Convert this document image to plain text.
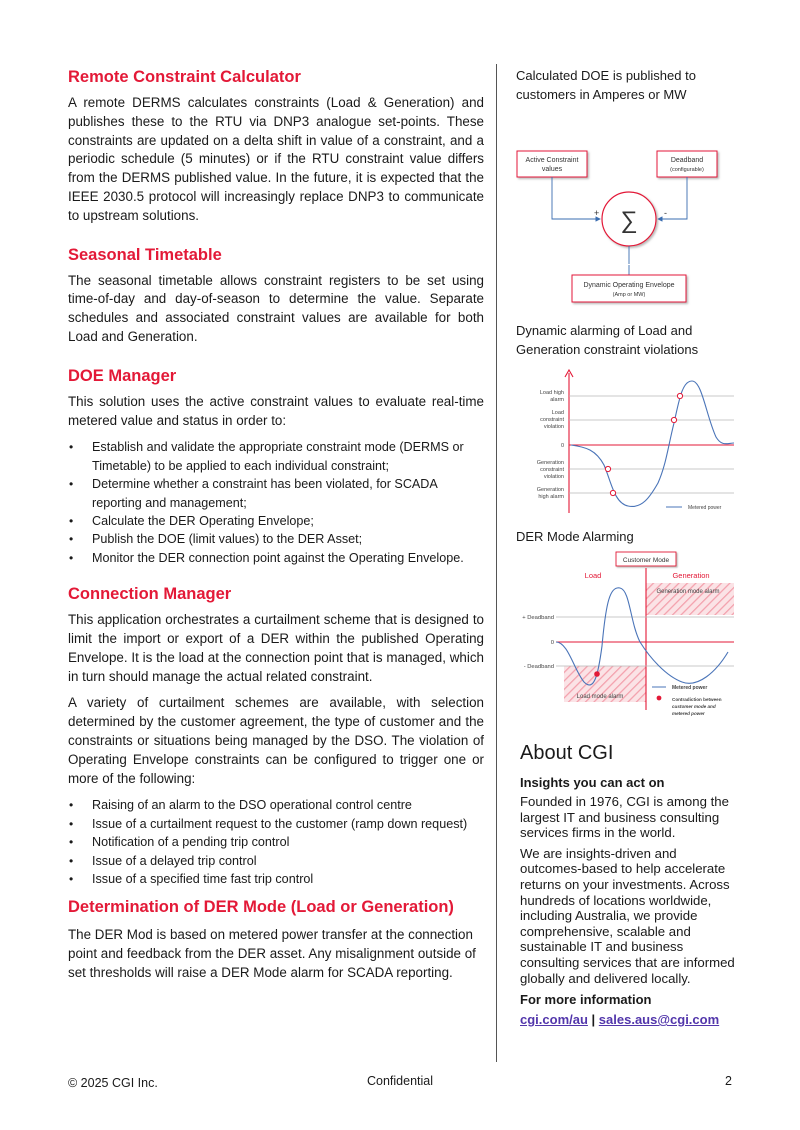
Remote Constraint Calculator

A remote DERMS calculates constraints (Load & Generation) and publishes these to the RTU via DNP3 analogue set-points. These constraints are updated on a delta shift in value of a constraint, and a periodic schedule (5 minutes) or if the RTU constraint value differs from the DERMS published value. In the future, it is expected that the IEEE 2030.5 protocol will increasingly replace DNP3 to communicate to upstream solutions.

Seasonal Timetable

The seasonal timetable allows constraint registers to be set using time-of-day and day-of-season to determine the value. Separate schedules and associated constraint values are available for both Load and Generation.

DOE Manager

This solution uses the active constraint values to evaluate real-time metered value and status in order to:

• Establish and validate the appropriate constraint mode (DERMS or Timetable) to be applied to each individual constraint;
• Determine whether a constraint has been violated, for SCADA reporting and management;
• Calculate the DER Operating Envelope;
• Publish the DOE (limit values) to the DER Asset;
• Monitor the DER connection point against the Operating Envelope.
Connection Manager

This application orchestrates a curtailment scheme that is designed to limit the import or export of a DER within the published Operating Envelope. It is the load at the connection point that is managed, which in turn should manage the actual related constraint.

A variety of curtailment schemes are available, with selection determined by the customer agreement, the type of customer and the constraints or situations being managed by the DSO. The violation of Operating Envelope constraints can be configured to trigger one or more of the following:

• Raising of an alarm to the DSO operational control centre
• Issue of a curtailment request to the customer (ramp down request)
• Notification of a pending trip control
• Issue of a delayed trip control
• Issue of a specified time fast trip control
Determination of DER Mode (Load or Generation)

The DER Mod is based on metered power transfer at the connection point and feedback from the DER asset. Any misalignment outside of set thresholds will raise a DER Mode alarm for SCADA reporting.

Calculated DOE is published to customers in Amperes or MW
Active Constraint
values
Deadband
(configurable)
∑
+	-
Dynamic Operating Envelope
(Amp or MW)
Dynamic alarming of Load and Generation constraint violations
Load high
alarm
Load
constraint
violation
0
Generation
constraint
violation
Generation
high alarm
Metered power
DER Mode Alarming
Customer Mode
Load	Generation
Generation mode alarm
Load mode alarm
+ Deadband
0
- Deadband
Metered power
Contradiction between
customer mode and
metered power
About CGI
Insights you can act on

Founded in 1976, CGI is among the largest IT and business consulting services firms in the world.

We are insights-driven and outcomes-based to help accelerate returns on your investments. Across hundreds of locations worldwide, including Australia, we provide comprehensive, scalable and sustainable IT and business consulting services that are informed globally and delivered locally.

For more information
cgi.com/au | sales.aus@cgi.com
© 2025 CGI Inc.	Confidential	2
